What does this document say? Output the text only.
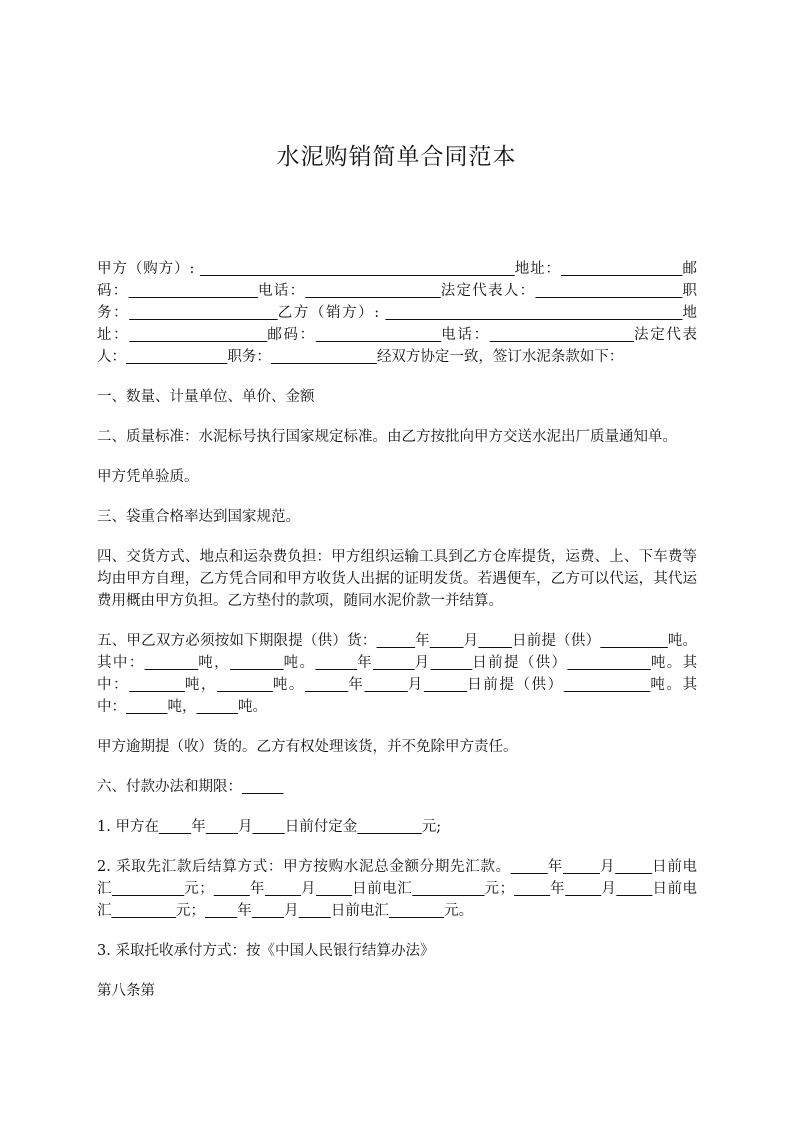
水泥购销简单合同范本

甲方（购方）:	地址：	邮码：	电话：	法定代表人：	职务：	乙方（销方）:	地址：	邮码：	电话：	法定代表人：	职务：	经双方协定一致，签订水泥条款如下：

一、数量、计量单位、单价、金额

二、质量标准：水泥标号执行国家规定标准。由乙方按批向甲方交送水泥出厂质量通知单。

甲方凭单验质。

三、袋重合格率达到国家规范。

四、交货方式、地点和运杂费负担：甲方组织运输工具到乙方仓库提货，运费、上、下车费等均由甲方自理，乙方凭合同和甲方收货人出据的证明发货。若遇便车，乙方可以代运，其代运费用概由甲方负担。乙方垫付的款项，随同水泥价款一并结算。

五、甲乙双方必须按如下期限提（供）货：	年 月 日前提（供）	吨。其中：	吨，	吨。	年	月	日前提（供）	吨。其中：	吨，	吨。	年	月	日前提（供）	吨。其中：	吨，	吨。

甲方逾期提（收）货的。乙方有权处理该货，并不免除甲方责任。

六、付款办法和期限：

1. 甲方在 年 月 日前付定金	元;

2. 采取先汇款后结算方式：甲方按购水泥总金额分期先汇款。	年	月	日前电汇	元； 年 月 日前电汇	元； 年 月 日前电汇	元； 年 月 日前电汇	元。

3. 采取托收承付方式：按《中国人民银行结算办法》

第八条第
